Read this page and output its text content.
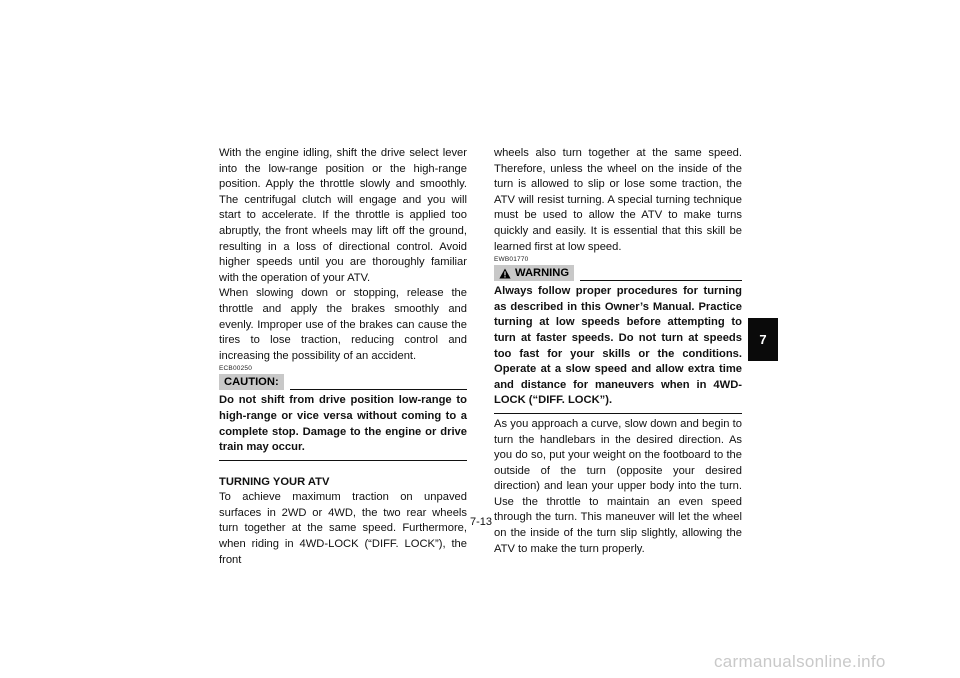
With the engine idling, shift the drive select lever into the low-range position or the high-range position. Apply the throttle slowly and smoothly. The centrifugal clutch will engage and you will start to accelerate. If the throttle is applied too abruptly, the front wheels may lift off the ground, resulting in a loss of directional control. Avoid higher speeds until you are thoroughly familiar with the operation of your ATV.

When slowing down or stopping, release the throttle and apply the brakes smoothly and evenly. Improper use of the brakes can cause the tires to lose traction, reducing control and increasing the possibility of an accident.

ECB00250
CAUTION:

Do not shift from drive position low-range to high-range or vice versa without coming to a complete stop. Damage to the engine or drive train may occur.

TURNING YOUR ATV

To achieve maximum traction on unpaved surfaces in 2WD or 4WD, the two rear wheels turn together at the same speed. Furthermore, when riding in 4WD-LOCK (“DIFF. LOCK”), the front

wheels also turn together at the same speed. Therefore, unless the wheel on the inside of the turn is allowed to slip or lose some traction, the ATV will resist turning. A special turning technique must be used to allow the ATV to make turns quickly and easily. It is essential that this skill be learned first at low speed.

EWB01770
WARNING

Always follow proper procedures for turning as described in this Owner’s Manual. Practice turning at low speeds before attempting to turn at faster speeds. Do not turn at speeds too fast for your skills or the conditions. Operate at a slow speed and allow extra time and distance for maneuvers when in 4WD-LOCK (“DIFF. LOCK”).

As you approach a curve, slow down and begin to turn the handlebars in the desired direction. As you do so, put your weight on the footboard to the outside of the turn (opposite your desired direction) and lean your upper body into the turn. Use the throttle to maintain an even speed through the turn. This maneuver will let the wheel on the inside of the turn slip slightly, allowing the ATV to make the turn properly.

7-13
7
carmanualsonline.info
